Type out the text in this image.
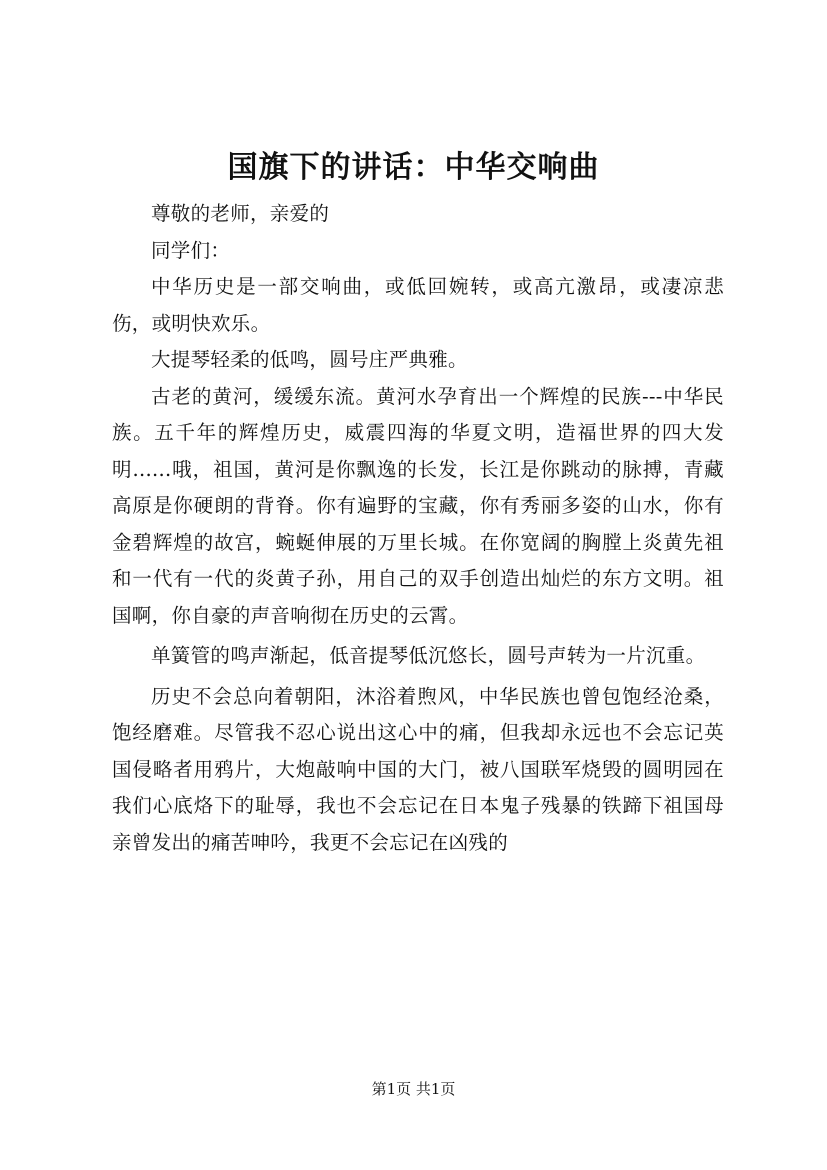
国旗下的讲话：中华交响曲

尊敬的老师，亲爱的

同学们：

中华历史是一部交响曲，或低回婉转，或高亢激昂，或凄凉悲伤，或明快欢乐。

大提琴轻柔的低鸣，圆号庄严典雅。

古老的黄河，缓缓东流。黄河水孕育出一个辉煌的民族---中华民族。五千年的辉煌历史，威震四海的华夏文明，造福世界的四大发明......哦，祖国，黄河是你飘逸的长发，长江是你跳动的脉搏，青藏高原是你硬朗的背脊。你有遍野的宝藏，你有秀丽多姿的山水，你有金碧辉煌的故宫，蜿蜒伸展的万里长城。在你宽阔的胸膛上炎黄先祖和一代有一代的炎黄子孙，用自己的双手创造出灿烂的东方文明。祖国啊，你自豪的声音响彻在历史的云霄。

单簧管的鸣声渐起，低音提琴低沉悠长，圆号声转为一片沉重。

历史不会总向着朝阳，沐浴着煦风，中华民族也曾包饱经沧桑，饱经磨难。尽管我不忍心说出这心中的痛，但我却永远也不会忘记英国侵略者用鸦片，大炮敲响中国的大门，被八国联军烧毁的圆明园在我们心底烙下的耻辱，我也不会忘记在日本鬼子残暴的铁蹄下祖国母亲曾发出的痛苦呻吟，我更不会忘记在凶残的

第1页 共1页
